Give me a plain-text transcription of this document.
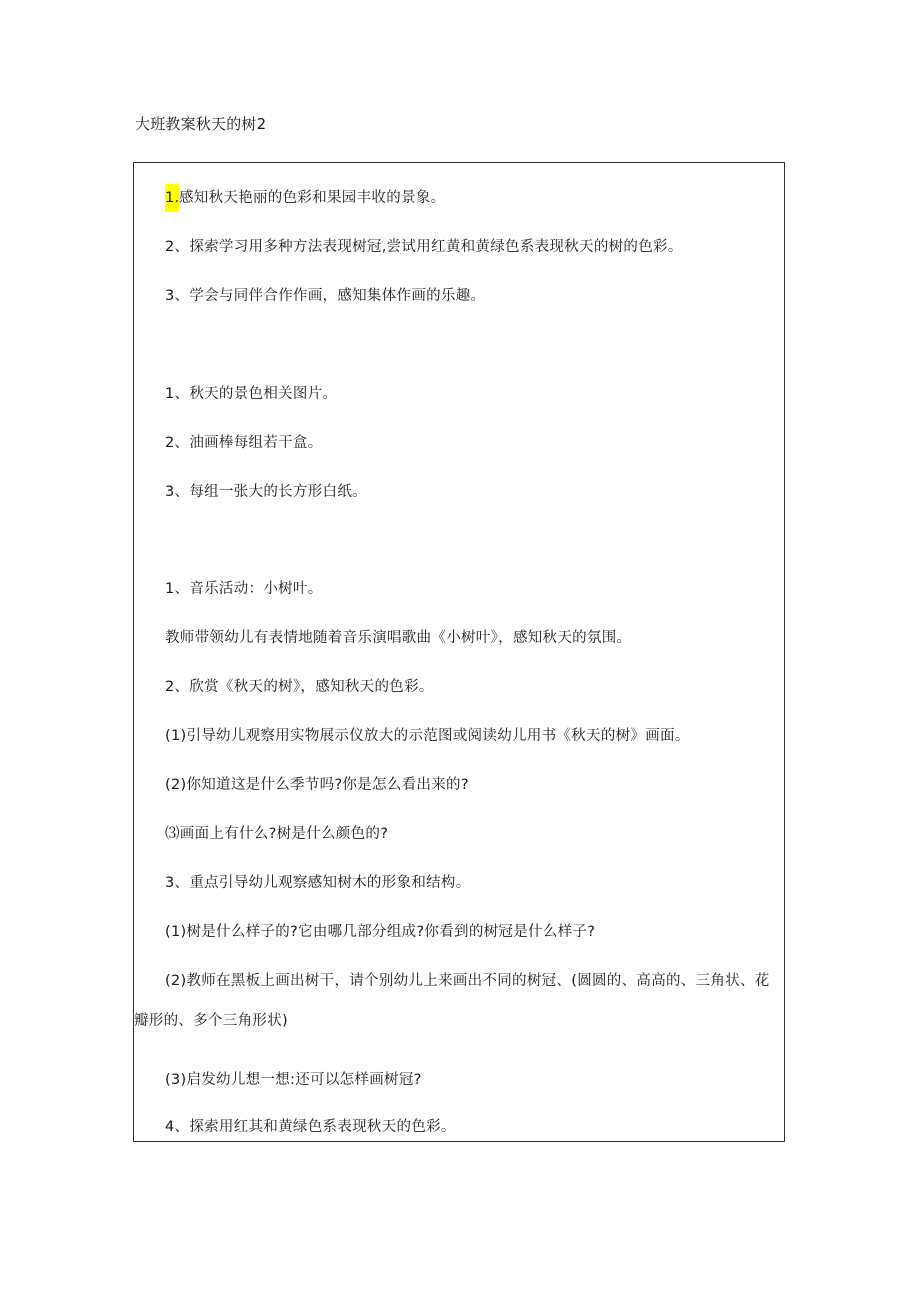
大班教案秋天的树2
1.感知秋天艳丽的色彩和果园丰收的景象。
2、探索学习用多种方法表现树冠,尝试用红黄和黄绿色系表现秋天的树的色彩。
3、学会与同伴合作作画，感知集体作画的乐趣。
1、秋天的景色相关图片。
2、油画棒每组若干盒。
3、每组一张大的长方形白纸。
1、音乐活动：小树叶。
教师带领幼儿有表情地随着音乐演唱歌曲《小树叶》，感知秋天的氛围。
2、欣赏《秋天的树》，感知秋天的色彩。
(1)引导幼儿观察用实物展示仪放大的示范图或阅读幼儿用书《秋天的树》画面。
(2)你知道这是什么季节吗?你是怎么看出来的?
⑶画面上有什么?树是什么颜色的?
3、重点引导幼儿观察感知树木的形象和结构。
(1)树是什么样子的?它由哪几部分组成?你看到的树冠是什么样子?
(2)教师在黑板上画出树干，请个别幼儿上来画出不同的树冠、(圆圆的、高高的、三角状、花瓣形的、多个三角形状)
(3)启发幼儿想一想:还可以怎样画树冠?
4、探索用红其和黄绿色系表现秋天的色彩。
